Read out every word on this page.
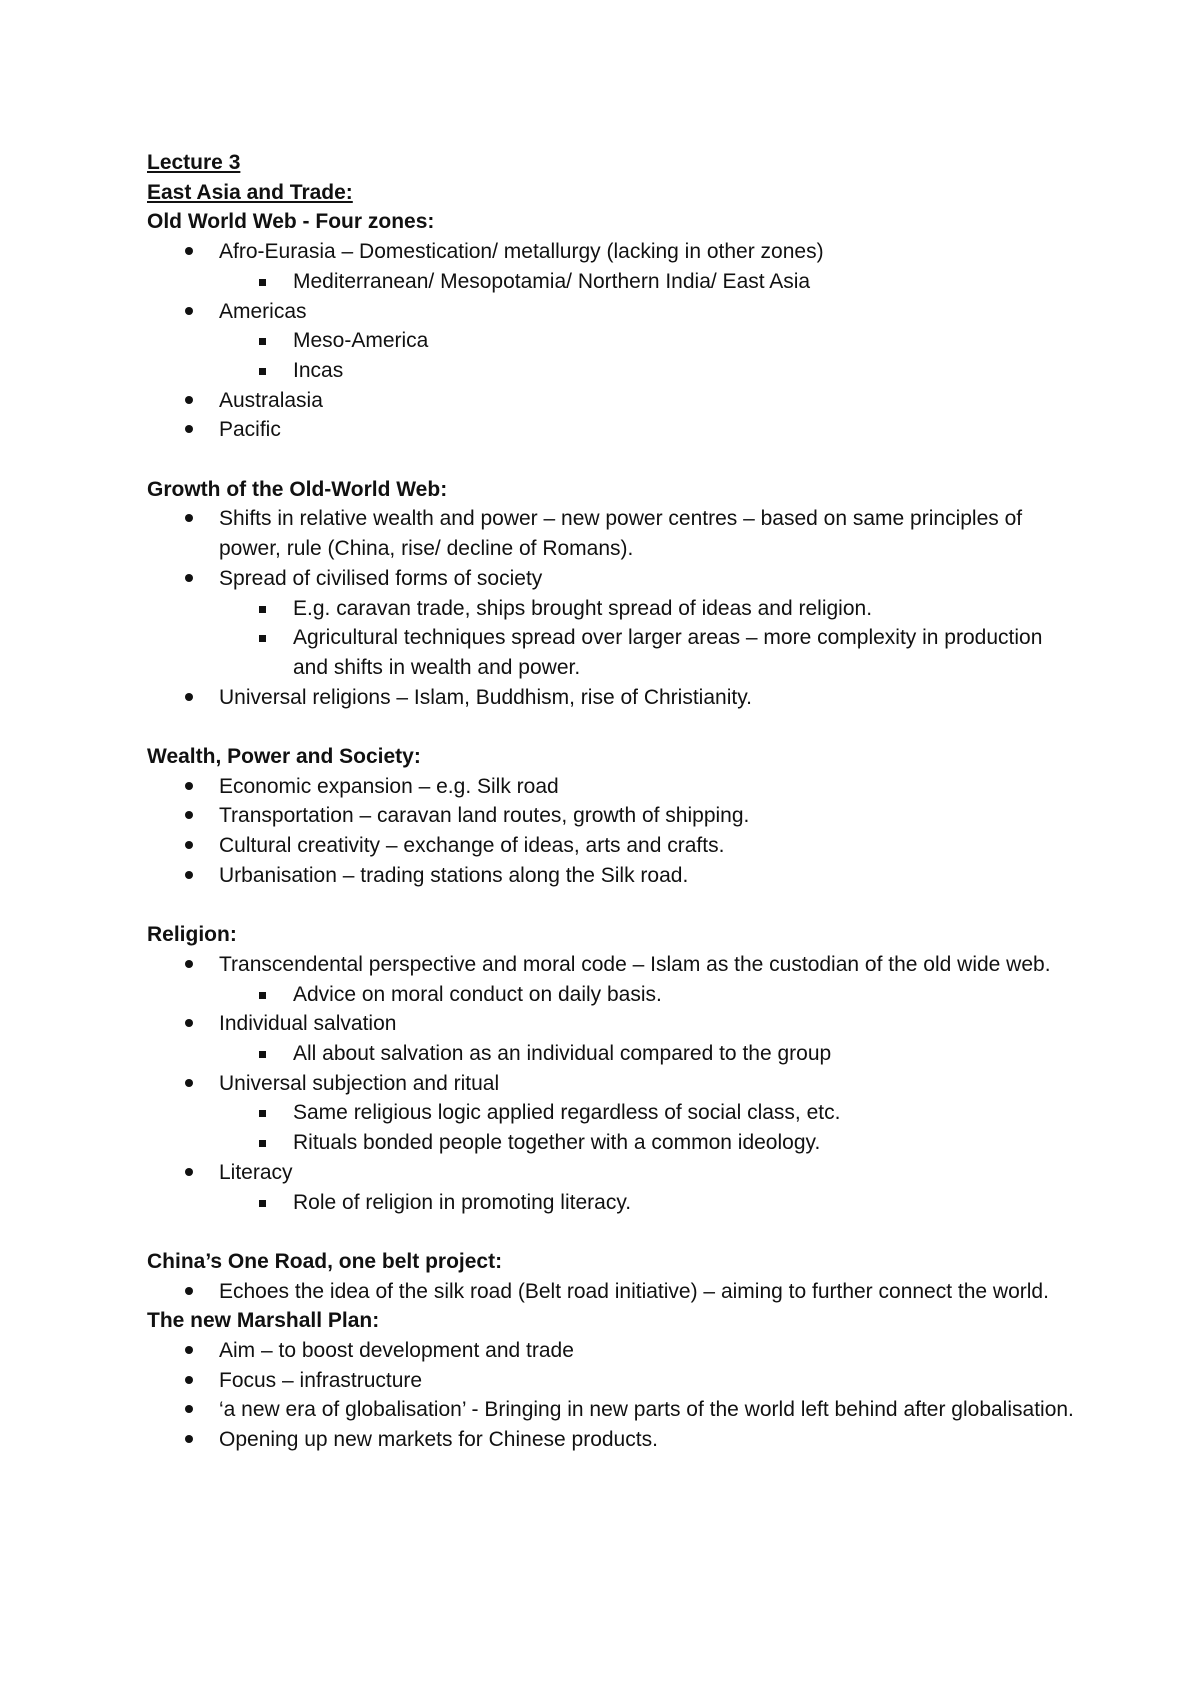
Lecture 3

East Asia and Trade:

Old World Web - Four zones:

Afro-Eurasia – Domestication/ metallurgy (lacking in other zones)
Mediterranean/ Mesopotamia/ Northern India/ East Asia
Americas
Meso-America
Incas
Australasia
Pacific

Growth of the Old-World Web:

Shifts in relative wealth and power – new power centres – based on same principles of power, rule (China, rise/ decline of Romans).
Spread of civilised forms of society
E.g. caravan trade, ships brought spread of ideas and religion.
Agricultural techniques spread over larger areas – more complexity in production and shifts in wealth and power.
Universal religions – Islam, Buddhism, rise of Christianity.

Wealth, Power and Society:

Economic expansion – e.g. Silk road
Transportation – caravan land routes, growth of shipping.
Cultural creativity – exchange of ideas, arts and crafts.
Urbanisation – trading stations along the Silk road.

Religion:

Transcendental perspective and moral code – Islam as the custodian of the old wide web.
Advice on moral conduct on daily basis.
Individual salvation
All about salvation as an individual compared to the group
Universal subjection and ritual
Same religious logic applied regardless of social class, etc.
Rituals bonded people together with a common ideology.
Literacy
Role of religion in promoting literacy.

China’s One Road, one belt project:

Echoes the idea of the silk road (Belt road initiative) – aiming to further connect the world.

The new Marshall Plan:

Aim – to boost development and trade
Focus – infrastructure
‘a new era of globalisation’ - Bringing in new parts of the world left behind after globalisation.
Opening up new markets for Chinese products.
